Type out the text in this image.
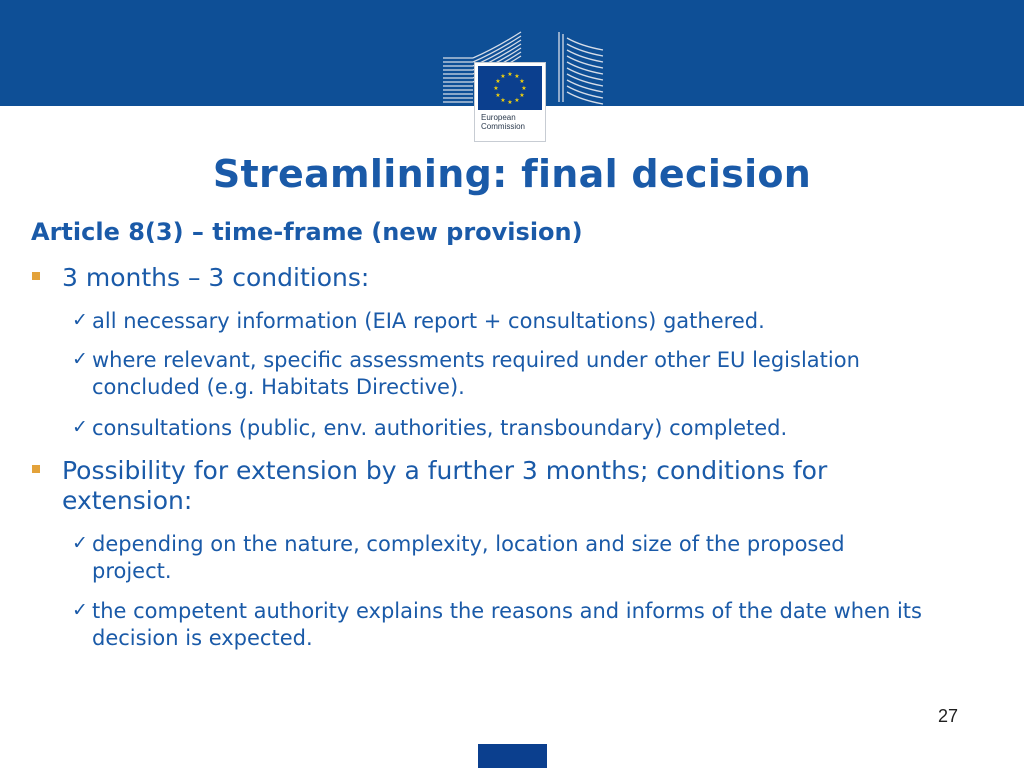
★ ★
★
★
★
★
★
★
★
★
★
★
European
Commission
Streamlining: final decision
Article 8(3) – time-frame (new provision)
3 months – 3 conditions:
✓ all necessary information (EIA report + consultations) gathered.
✓ where relevant, specific assessments required under other EU legislation concluded (e.g. Habitats Directive).
✓ consultations (public, env. authorities, transboundary) completed.
Possibility for extension by a further 3 months; conditions for extension:
✓ depending on the nature, complexity, location and size of the proposed project.
✓ the competent authority explains the reasons and informs of the date when its decision is expected.
27
